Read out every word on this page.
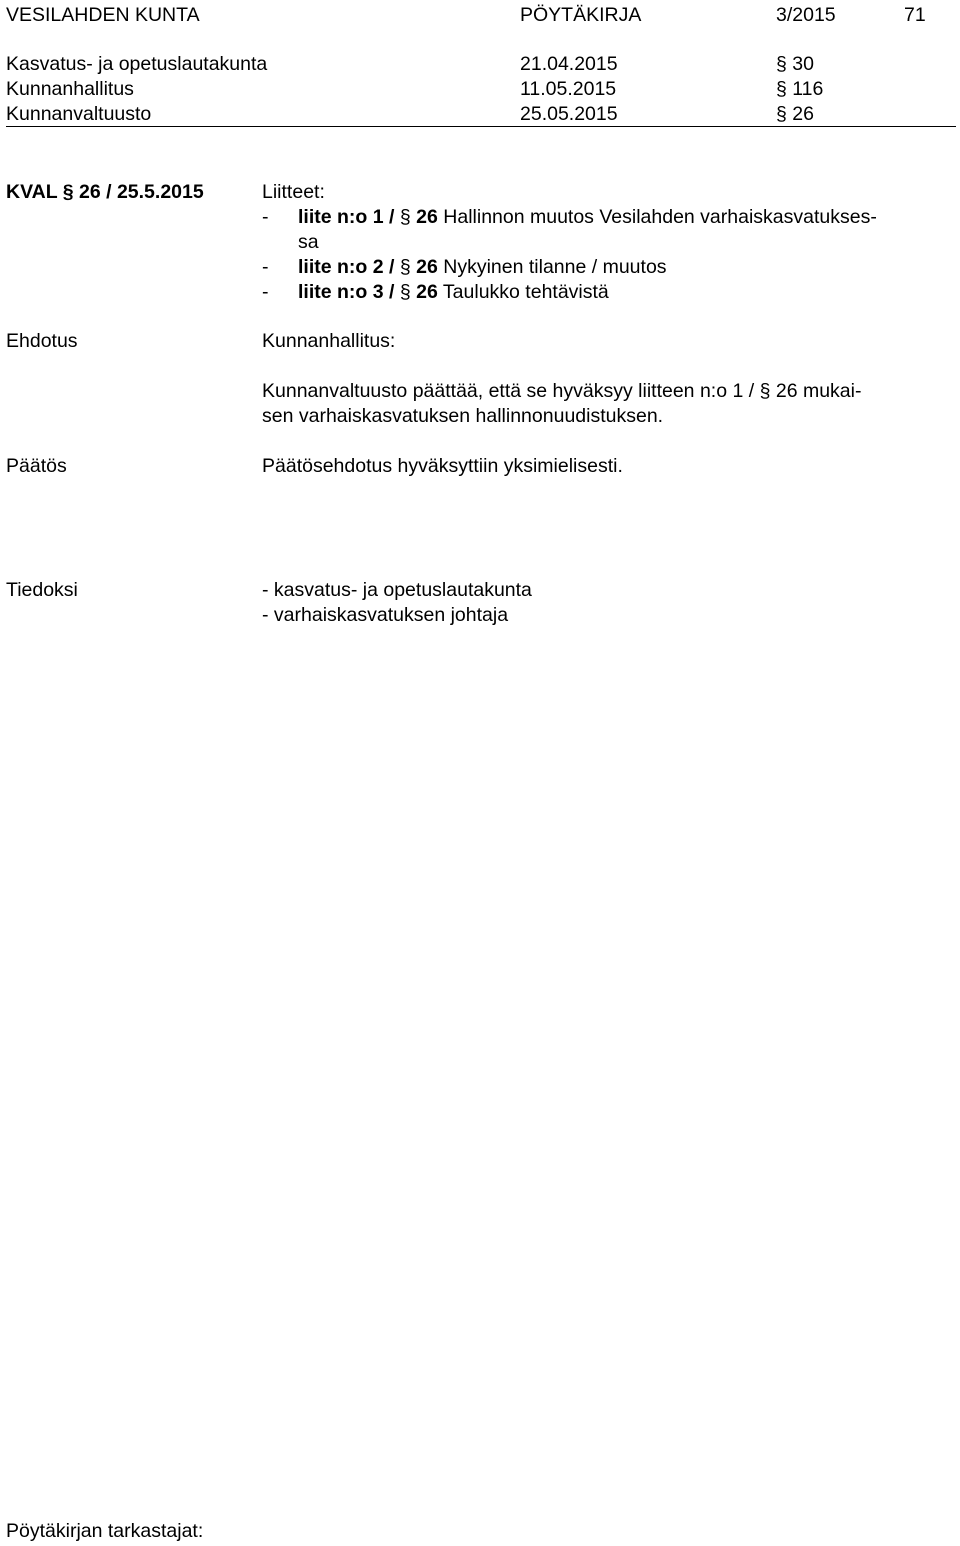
VESILAHDEN KUNTA	PÖYTÄKIRJA	3/2015	71
Kasvatus- ja opetuslautakunta	21.04.2015	§ 30
Kunnanhallitus	11.05.2015	§ 116
Kunnanvaltuusto	25.05.2015	§ 26
KVAL § 26 / 25.5.2015	Liitteet:
- liite n:o 1 / § 26 Hallinnon muutos Vesilahden varhaiskasvatukses-
sa
- liite n:o 2 / § 26 Nykyinen tilanne / muutos
- liite n:o 3 / § 26 Taulukko tehtävistä
Ehdotus	Kunnanhallitus:
Kunnanvaltuusto päättää, että se hyväksyy liitteen n:o 1 / § 26 mukai-
sen varhaiskasvatuksen hallinnonuudistuksen.
Päätös	Päätösehdotus hyväksyttiin yksimielisesti.
Tiedoksi	- kasvatus- ja opetuslautakunta
- varhaiskasvatuksen johtaja
Pöytäkirjan tarkastajat:
